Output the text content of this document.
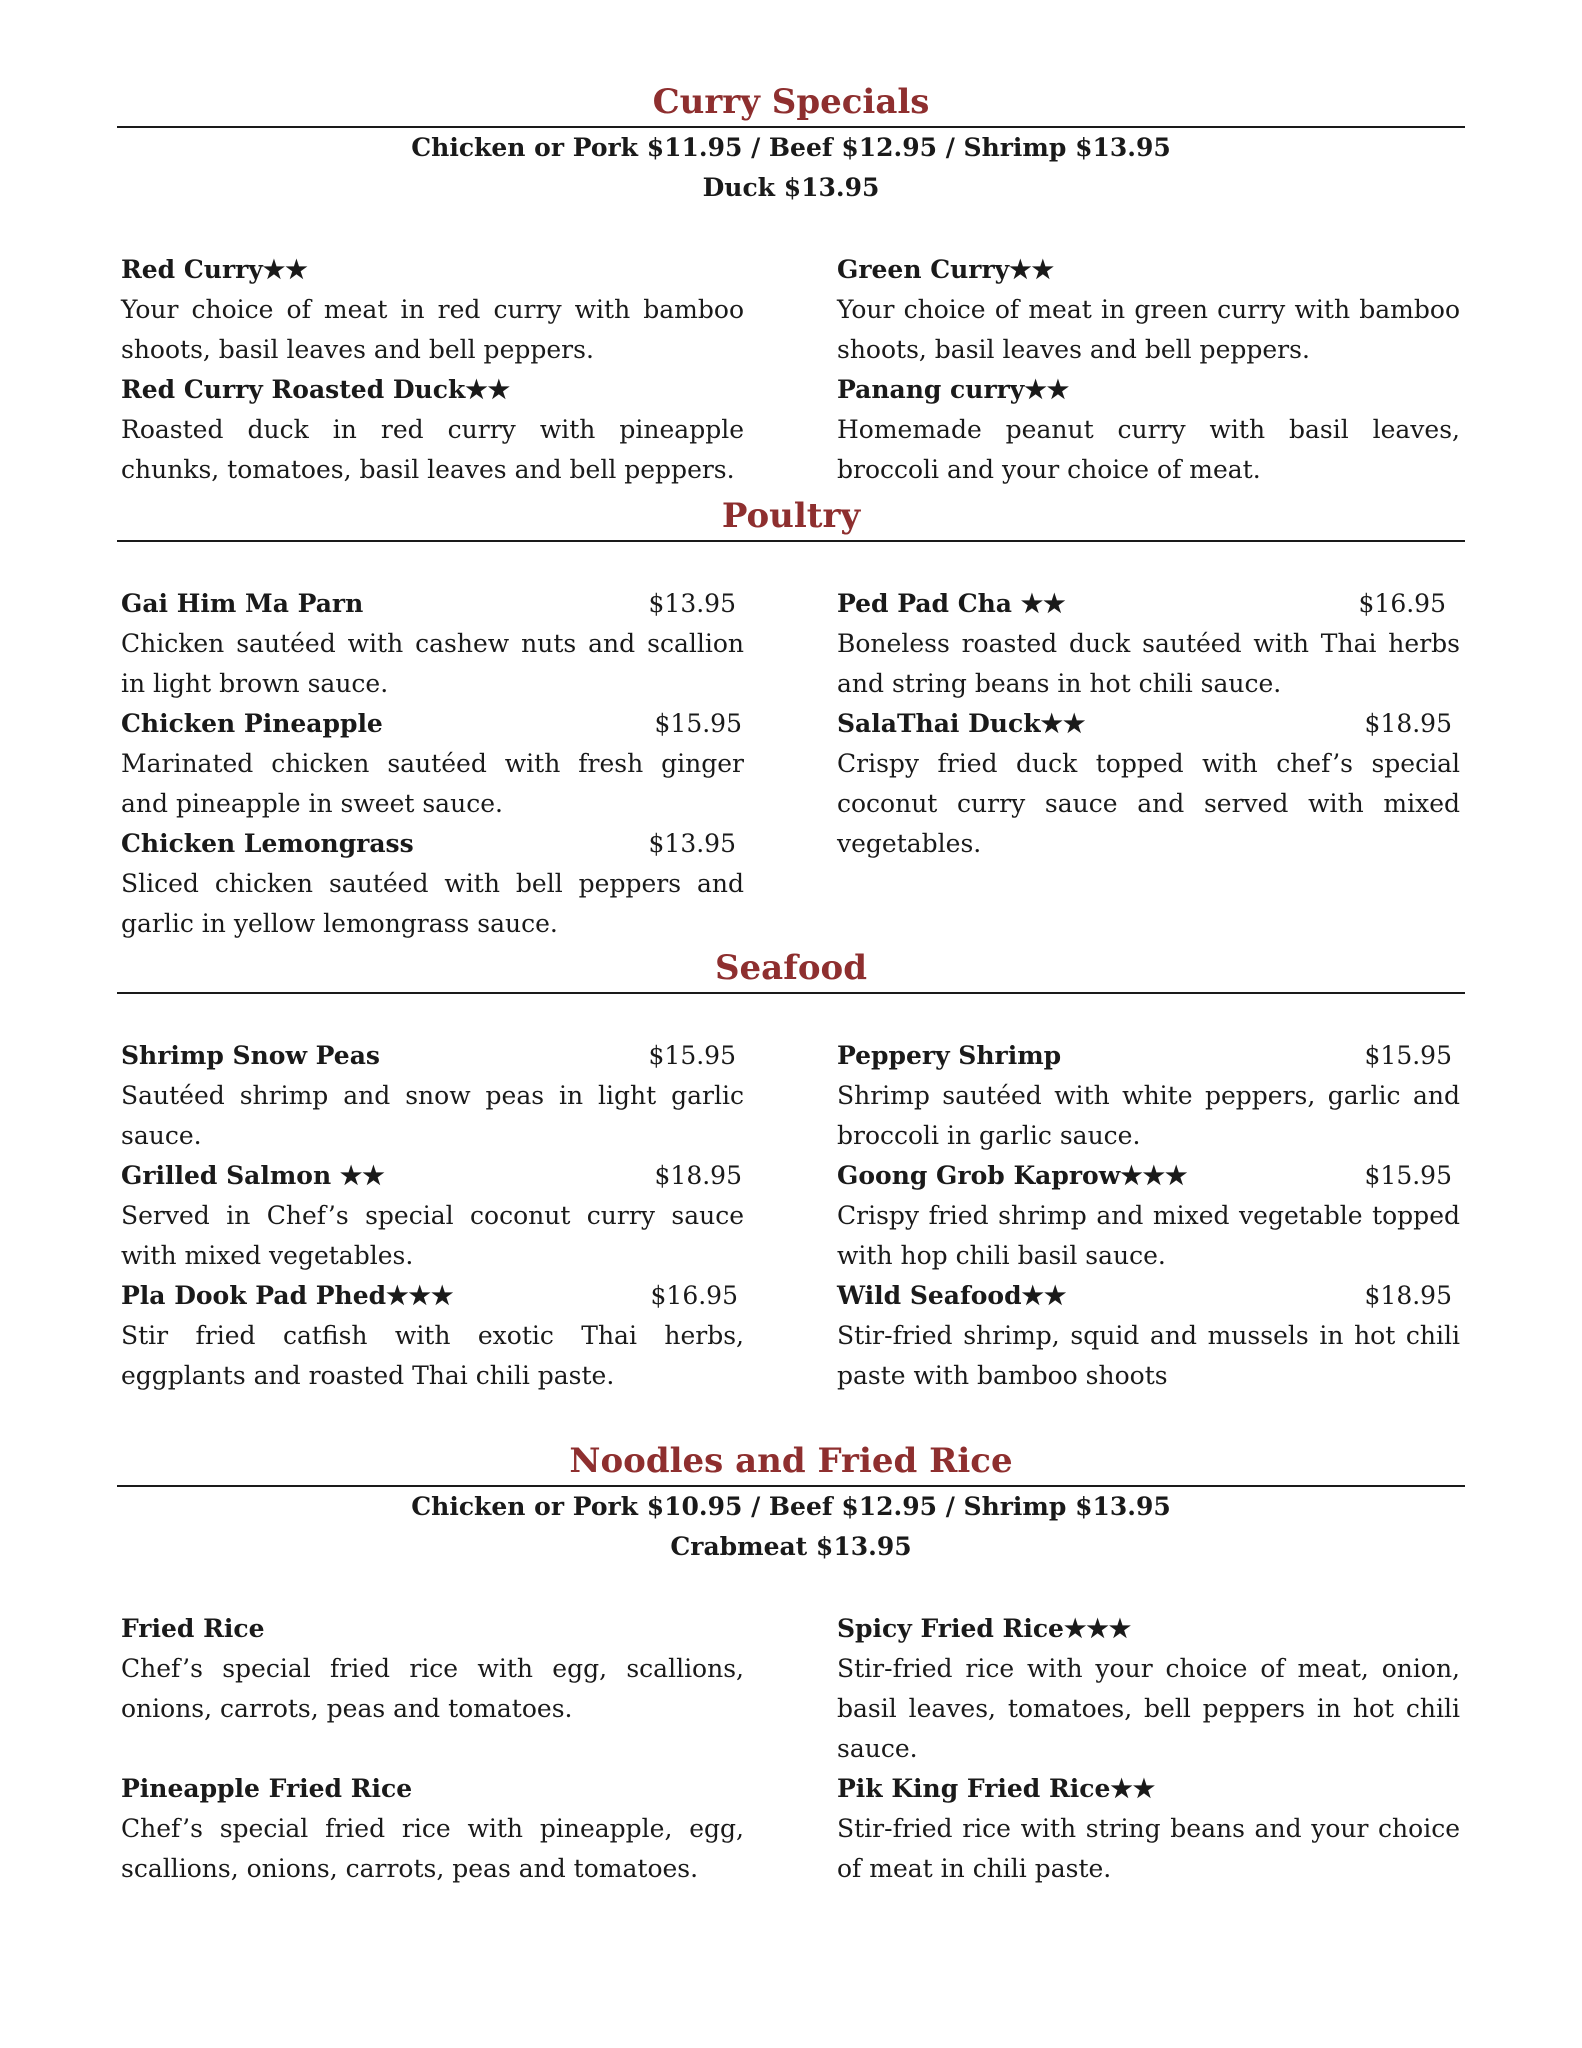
Curry Specials
Chicken or Pork $11.95 / Beef $12.95 / Shrimp $13.95
Duck $13.95
Red Curry★★

Your choice of meat in red curry with bamboo shoots, basil leaves and bell peppers.

Red Curry Roasted Duck★★

Roasted duck in red curry with pineapple chunks, tomatoes, basil leaves and bell peppers.

Green Curry★★

Your choice of meat in green curry with bamboo shoots, basil leaves and bell peppers.

Panang curry★★

Homemade peanut curry with basil leaves, broccoli and your choice of meat.

Poultry
Gai Him Ma Parn	$13.95

Chicken sautéed with cashew nuts and scallion in light brown sauce.

Chicken Pineapple	$15.95

Marinated chicken sautéed with fresh ginger and pineapple in sweet sauce.

Chicken Lemongrass	$13.95

Sliced chicken sautéed with bell peppers and garlic in yellow lemongrass sauce.

Ped Pad Cha ★★	$16.95

Boneless roasted duck sautéed with Thai herbs and string beans in hot chili sauce.

SalaThai Duck★★	$18.95

Crispy fried duck topped with chef’s special coconut curry sauce and served with mixed vegetables.

Seafood
Shrimp Snow Peas	$15.95

Sautéed shrimp and snow peas in light garlic sauce.

Grilled Salmon ★★	$18.95

Served in Chef’s special coconut curry sauce with mixed vegetables.

Pla Dook Pad Phed★★★	$16.95

Stir fried catfish with exotic Thai herbs, eggplants and roasted Thai chili paste.

Peppery Shrimp	$15.95

Shrimp sautéed with white peppers, garlic and broccoli in garlic sauce.

Goong Grob Kaprow★★★	$15.95

Crispy fried shrimp and mixed vegetable topped with hop chili basil sauce.

Wild Seafood★★	$18.95

Stir-fried shrimp, squid and mussels in hot chili paste with bamboo shoots

Noodles and Fried Rice
Chicken or Pork $10.95 / Beef $12.95 / Shrimp $13.95
Crabmeat $13.95
Fried Rice

Chef’s special fried rice with egg, scallions, onions, carrots, peas and tomatoes.

Pineapple Fried Rice

Chef’s special fried rice with pineapple, egg, scallions, onions, carrots, peas and tomatoes.

Spicy Fried Rice★★★

Stir-fried rice with your choice of meat, onion, basil leaves, tomatoes, bell peppers in hot chili sauce.

Pik King Fried Rice★★

Stir-fried rice with string beans and your choice of meat in chili paste.
